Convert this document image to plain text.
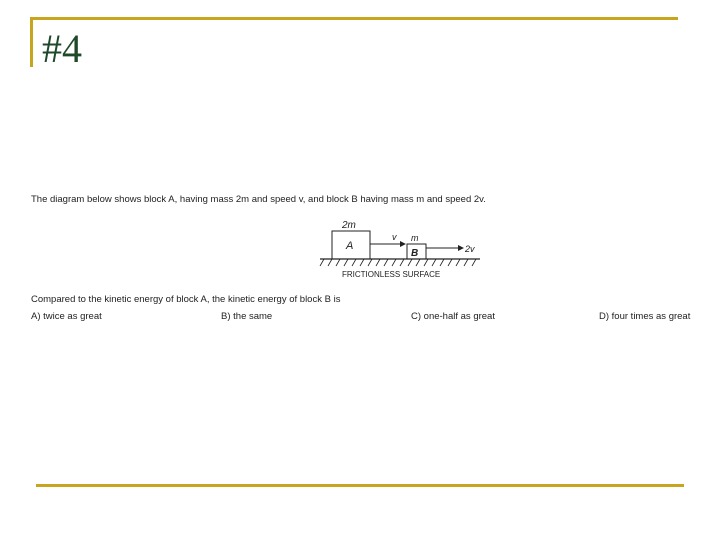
#4
The diagram below shows block A, having mass 2m and speed v, and block B having mass m and speed 2v.
2m
A
v m
B	2v
FRICTIONLESS SURFACE
Compared to the kinetic energy of block A, the kinetic energy of block B is
A) twice as great	B) the same	C) one-half as great	D) four times as great
